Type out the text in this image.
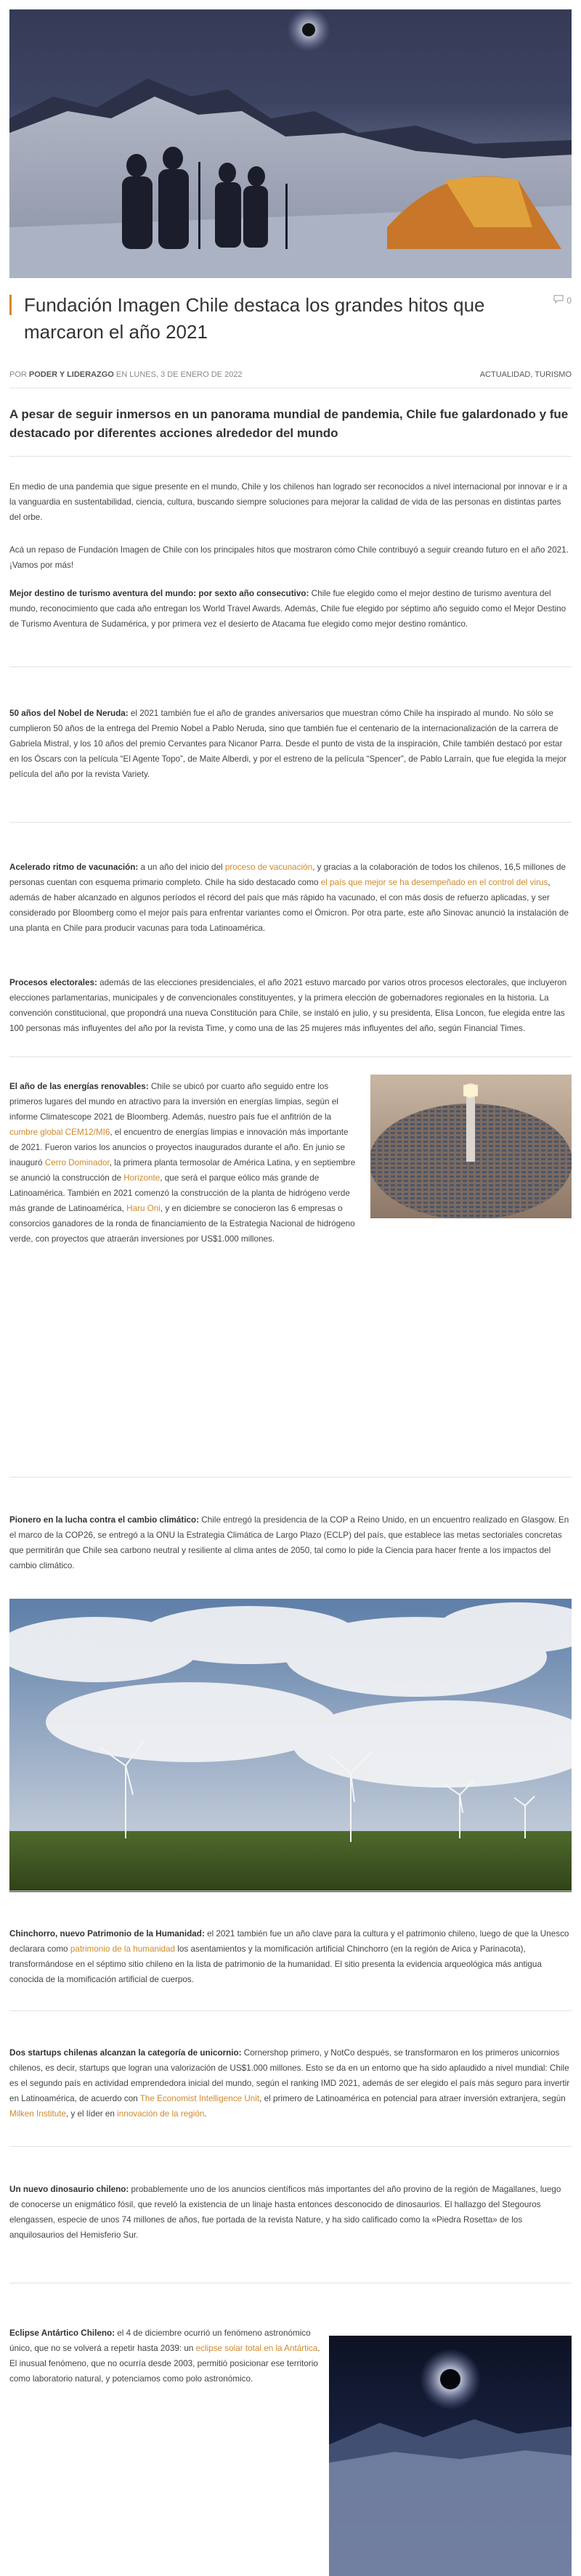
Fundación Imagen Chile destaca los grandes hitos que marcaron el año 2021
0
POR PODER Y LIDERAZGO EN LUNES, 3 DE ENERO DE 2022	ACTUALIDAD, TURISMO
A pesar de seguir inmersos en un panorama mundial de pandemia, Chile fue galardonado y fue destacado por diferentes acciones alrededor del mundo

En medio de una pandemia que sigue presente en el mundo, Chile y los chilenos han logrado ser reconocidos a nivel internacional por innovar e ir a la vanguardia en sustentabilidad, ciencia, cultura, buscando siempre soluciones para mejorar la calidad de vida de las personas en distintas partes del orbe.

Acá un repaso de Fundación Imagen de Chile con los principales hitos que mostraron cómo Chile contribuyó a seguir creando futuro en el año 2021. ¡Vamos por más!

Mejor destino de turismo aventura del mundo: por sexto año consecutivo: Chile fue elegido como el mejor destino de turismo aventura del mundo, reconocimiento que cada año entregan los World Travel Awards. Además, Chile fue elegido por séptimo año seguido como el Mejor Destino de Turismo Aventura de Sudamérica, y por primera vez el desierto de Atacama fue elegido como mejor destino romántico.

50 años del Nobel de Neruda: el 2021 también fue el año de grandes aniversarios que muestran cómo Chile ha inspirado al mundo. No sólo se cumplieron 50 años de la entrega del Premio Nobel a Pablo Neruda, sino que también fue el centenario de la internacionalización de la carrera de Gabriela Mistral, y los 10 años del premio Cervantes para Nicanor Parra. Desde el punto de vista de la inspiración, Chile también destacó por estar en los Óscars con la película “El Agente Topo”, de Maite Alberdi, y por el estreno de la película “Spencer”, de Pablo Larraín, que fue elegida la mejor película del año por la revista Variety.

Acelerado ritmo de vacunación: a un año del inicio del proceso de vacunación, y gracias a la colaboración de todos los chilenos, 16,5 millones de personas cuentan con esquema primario completo. Chile ha sido destacado como el país que mejor se ha desempeñado en el control del virus, además de haber alcanzado en algunos períodos el récord del país que más rápido ha vacunado, el con más dosis de refuerzo aplicadas, y ser considerado por Bloomberg como el mejor país para enfrentar variantes como el Ómicron. Por otra parte, este año Sinovac anunció la instalación de una planta en Chile para producir vacunas para toda Latinoamérica.

Procesos electorales: además de las elecciones presidenciales, el año 2021 estuvo marcado por varios otros procesos electorales, que incluyeron elecciones parlamentarias, municipales y de convencionales constituyentes, y la primera elección de gobernadores regionales en la historia. La convención constitucional, que propondrá una nueva Constitución para Chile, se instaló en julio, y su presidenta, Elisa Loncon, fue elegida entre las 100 personas más influyentes del año por la revista Time, y como una de las 25 mujeres más influyentes del año, según Financial Times.

El año de las energías renovables: Chile se ubicó por cuarto año seguido entre los primeros lugares del mundo en atractivo para la inversión en energías limpias, según el informe Climatescope 2021 de Bloomberg. Además, nuestro país fue el anfitrión de la cumbre global CEM12/MI6, el encuentro de energías limpias e innovación más importante de 2021. Fueron varios los anuncios o proyectos inaugurados durante el año. En junio se inauguró Cerro Dominador, la primera planta termosolar de América Latina, y en septiembre se anunció la construcción de Horizonte, que será el parque eólico más grande de Latinoamérica. También en 2021 comenzó la construcción de la planta de hidrógeno verde más grande de Latinoamérica, Haru Oni, y en diciembre se conocieron las 6 empresas o consorcios ganadores de la ronda de financiamiento de la Estrategia Nacional de hidrógeno verde, con proyectos que atraerán inversiones por US$1.000 millones.

Pionero en la lucha contra el cambio climático: Chile entregó la presidencia de la COP a Reino Unido, en un encuentro realizado en Glasgow. En el marco de la COP26, se entregó a la ONU la Estrategia Climática de Largo Plazo (ECLP) del país, que establece las metas sectoriales concretas que permitirán que Chile sea carbono neutral y resiliente al clima antes de 2050, tal como lo pide la Ciencia para hacer frente a los impactos del cambio climático.

Chinchorro, nuevo Patrimonio de la Humanidad: el 2021 también fue un año clave para la cultura y el patrimonio chileno, luego de que la Unesco declarara como patrimonio de la humanidad los asentamientos y la momificación artificial Chinchorro (en la región de Arica y Parinacota), transformándose en el séptimo sitio chileno en la lista de patrimonio de la humanidad. El sitio presenta la evidencia arqueológica más antigua conocida de la momificación artificial de cuerpos.

Dos startups chilenas alcanzan la categoría de unicornio: Cornershop primero, y NotCo después, se transformaron en los primeros unicornios chilenos, es decir, startups que logran una valorización de US$1.000 millones. Esto se da en un entorno que ha sido aplaudido a nivel mundial: Chile es el segundo país en actividad emprendedora inicial del mundo, según el ranking IMD 2021, además de ser elegido el país más seguro para invertir en Latinoamérica, de acuerdo con The Economist Intelligence Unit, el primero de Latinoamérica en potencial para atraer inversión extranjera, según Milken Institute, y el líder en innovación de la región.

Un nuevo dinosaurio chileno: probablemente uno de los anuncios científicos más importantes del año provino de la región de Magallanes, luego de conocerse un enigmático fósil, que reveló la existencia de un linaje hasta entonces desconocido de dinosaurios. El hallazgo del Stegouros elengassen, especie de unos 74 millones de años, fue portada de la revista Nature, y ha sido calificado como la «Piedra Rosetta» de los anquilosaurios del Hemisferio Sur.

Eclipse Antártico Chileno: el 4 de diciembre ocurrió un fenómeno astronómico único, que no se volverá a repetir hasta 2039: un eclipse solar total en la Antártica. El inusual fenómeno, que no ocurría desde 2003, permitió posicionar ese territorio como laboratorio natural, y potenciamos como polo astronómico.
